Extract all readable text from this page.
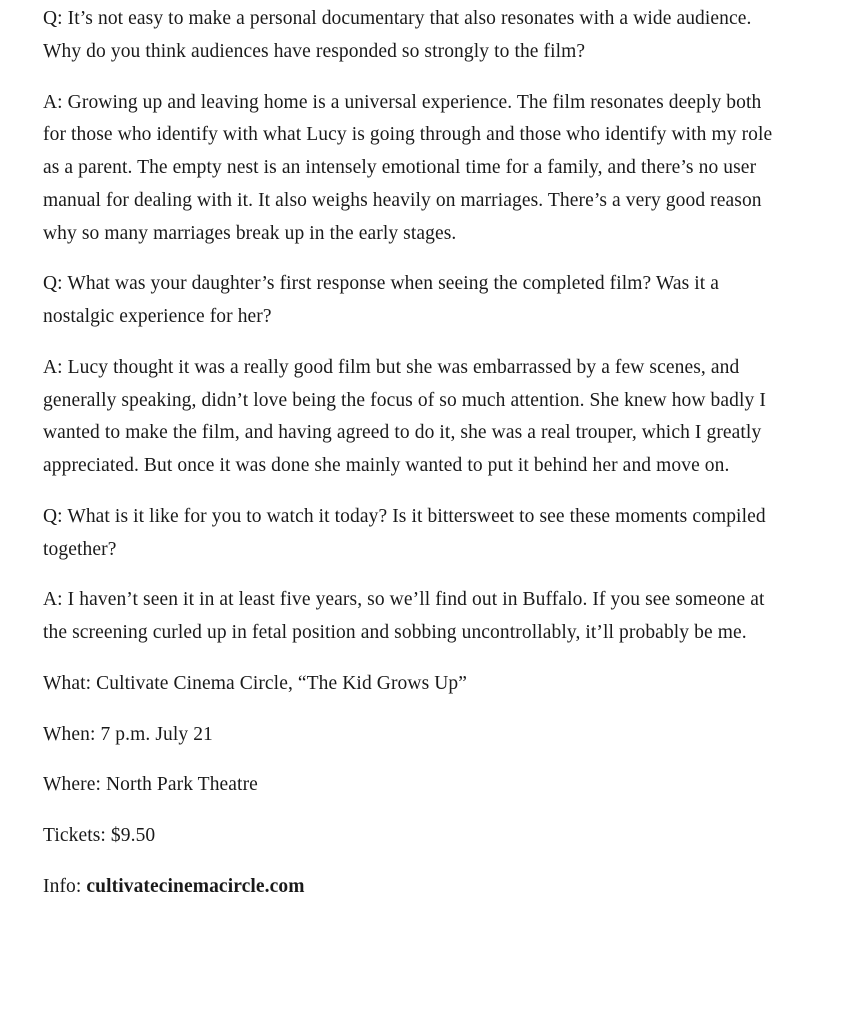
Q: It’s not easy to make a personal documentary that also resonates with a wide audience. Why do you think audiences have responded so strongly to the film?

A: Growing up and leaving home is a universal experience. The film resonates deeply both for those who identify with what Lucy is going through and those who identify with my role as a parent. The empty nest is an intensely emotional time for a family, and there’s no user manual for dealing with it. It also weighs heavily on marriages. There’s a very good reason why so many marriages break up in the early stages.

Q: What was your daughter’s first response when seeing the completed film? Was it a nostalgic experience for her?

A: Lucy thought it was a really good film but she was embarrassed by a few scenes, and generally speaking, didn’t love being the focus of so much attention. She knew how badly I wanted to make the film, and having agreed to do it, she was a real trouper, which I greatly appreciated. But once it was done she mainly wanted to put it behind her and move on.

Q: What is it like for you to watch it today? Is it bittersweet to see these moments compiled together?

A: I haven’t seen it in at least five years, so we’ll find out in Buffalo. If you see someone at the screening curled up in fetal position and sobbing uncontrollably, it’ll probably be me.

What: Cultivate Cinema Circle, “The Kid Grows Up”

When: 7 p.m. July 21

Where: North Park Theatre

Tickets: $9.50

Info: cultivatecinemacircle.com
